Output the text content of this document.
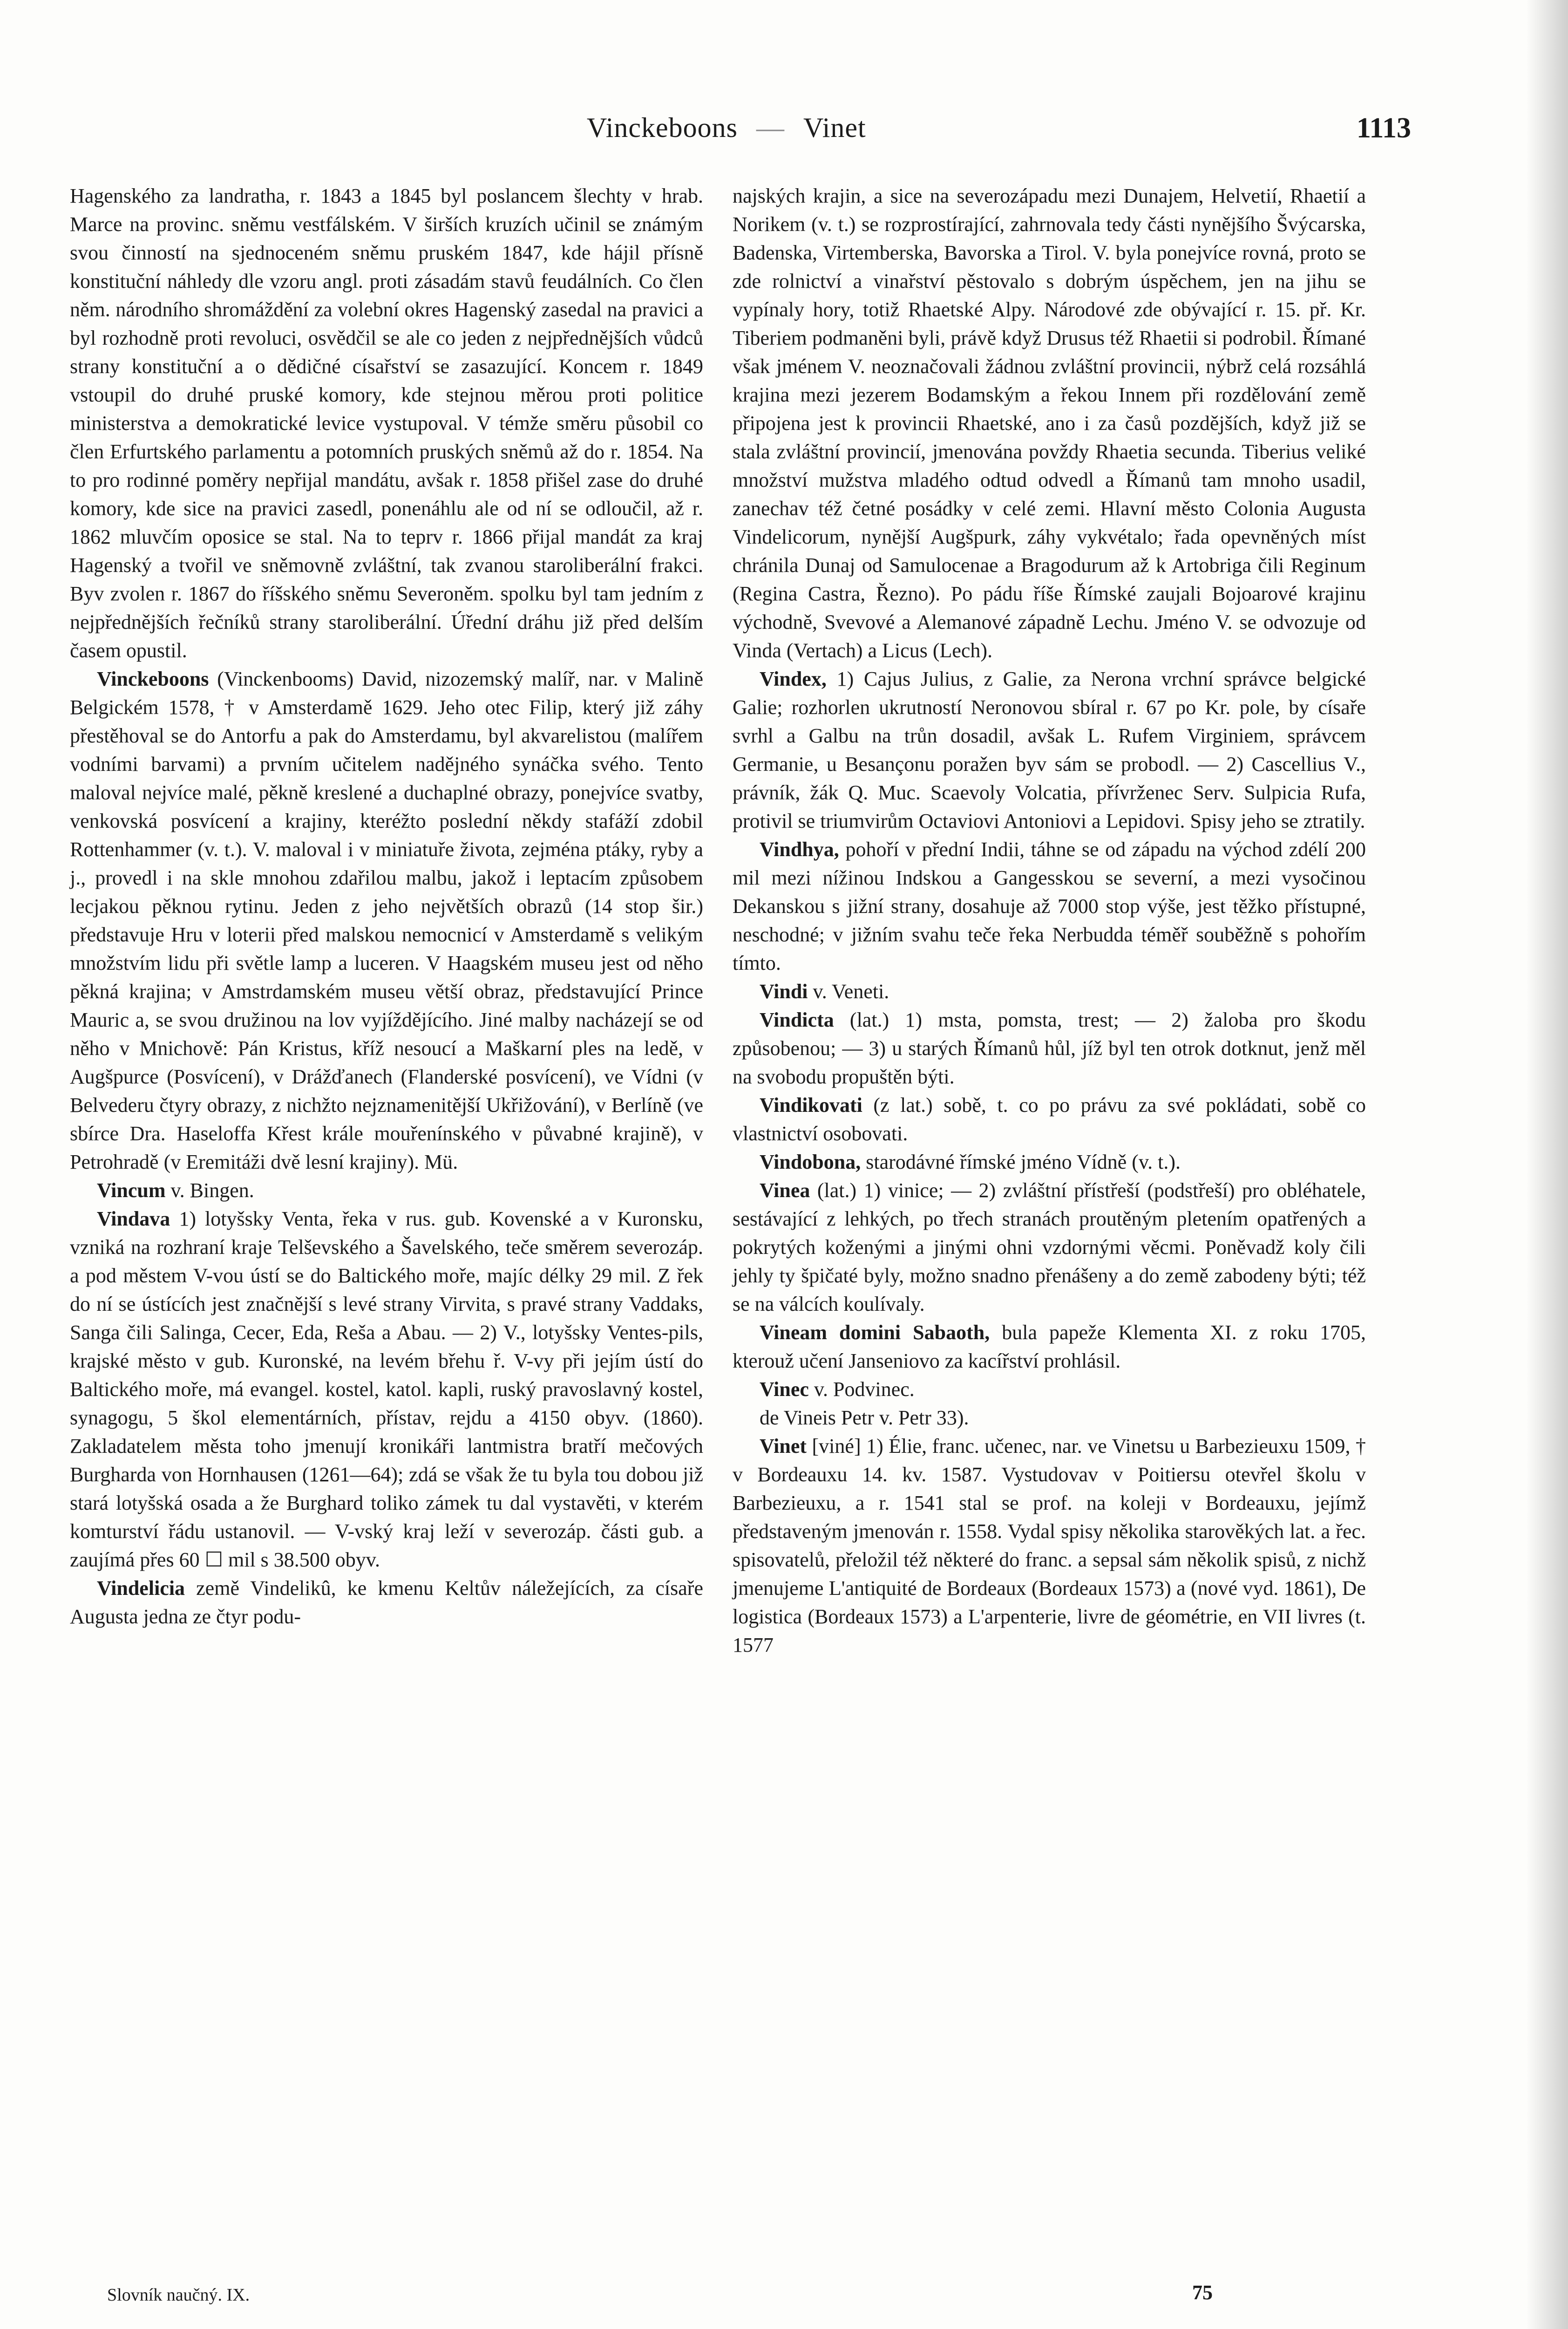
Vinckeboons — Vinet	1113

Hagenského za landratha, r. 1843 a 1845 byl poslancem šlechty v hrab. Marce na provinc. sněmu vestfálském. V širších kruzích učinil se známým svou činností na sjednoceném sněmu pruském 1847, kde hájil přísně konstituční náhledy dle vzoru angl. proti zásadám stavů feudálních. Co člen něm. národního shromáždění za volební okres Hagenský zasedal na pravici a byl rozhodně proti revoluci, osvědčil se ale co jeden z nejpřednějších vůdců strany konstituční a o dědičné císařství se zasazující. Koncem r. 1849 vstoupil do druhé pruské komory, kde stejnou měrou proti politice ministerstva a demokratické levice vystupoval. V témže směru působil co člen Erfurtského parlamentu a potomních pruských sněmů až do r. 1854. Na to pro rodinné poměry nepřijal mandátu, avšak r. 1858 přišel zase do druhé komory, kde sice na pravici zasedl, ponenáhlu ale od ní se odloučil, až r. 1862 mluvčím oposice se stal. Na to teprv r. 1866 přijal mandát za kraj Hagenský a tvořil ve sněmovně zvláštní, tak zvanou staroliberální frakci. Byv zvolen r. 1867 do říšského sněmu Severoněm. spolku byl tam jedním z nejpřednějších řečníků strany staroliberální. Úřední dráhu již před delším časem opustil.

Vinckeboons (Vinckenbooms) David, nizozemský malíř, nar. v Malině Belgickém 1578, † v Amsterdamě 1629. Jeho otec Filip, který již záhy přestěhoval se do Antorfu a pak do Amsterdamu, byl akvarelistou (malířem vodními barvami) a prvním učitelem nadějného synáčka svého. Tento maloval nejvíce malé, pěkně kreslené a duchaplné obrazy, ponejvíce svatby, venkovská posvícení a krajiny, kteréžto poslední někdy stafáží zdobil Rottenhammer (v. t.). V. maloval i v miniatuře života, zejména ptáky, ryby a j., provedl i na skle mnohou zdařilou malbu, jakož i leptacím způsobem lecjakou pěknou rytinu. Jeden z jeho největších obrazů (14 stop šir.) představuje Hru v loterii před malskou nemocnicí v Amsterdamě s velikým množstvím lidu při světle lamp a luceren. V Haagském museu jest od něho pěkná krajina; v Amstrdamském museu větší obraz, představující Prince Mauric a, se svou družinou na lov vyjíždějícího. Jiné malby nacházejí se od něho v Mnichově: Pán Kristus, kříž nesoucí a Maškarní ples na ledě, v Augšpurce (Posvícení), v Drážďanech (Flanderské posvícení), ve Vídni (v Belvederu čtyry obrazy, z nichžto nejznamenitější Ukřižování), v Berlíně (ve sbírce Dra. Haseloffa Křest krále mouřenínského v půvabné krajině), v Petrohradě (v Eremitáži dvě lesní krajiny). Mü.

Vincum v. Bingen.

Vindava 1) lotyšsky Venta, řeka v rus. gub. Kovenské a v Kuronsku, vzniká na rozhraní kraje Telševského a Šavelského, teče směrem severozáp. a pod městem V-vou ústí se do Baltického moře, majíc délky 29 mil. Z řek do ní se ústících jest značnější s levé strany Virvita, s pravé strany Vaddaks, Sanga čili Salinga, Cecer, Eda, Reša a Abau. — 2) V., lotyšsky Ventes-pils, krajské město v gub. Kuronské, na levém břehu ř. V-vy při jejím ústí do Baltického moře, má evangel. kostel, katol. kapli, ruský pravoslavný kostel, synagogu, 5 škol elementárních, přístav, rejdu a 4150 obyv. (1860). Zakladatelem města toho jmenují kronikáři lantmistra bratří mečových Burgharda von Hornhausen (1261—64); zdá se však že tu byla tou dobou již stará lotyšská osada a že Burghard toliko zámek tu dal vystavěti, v kterém komturství řádu ustanovil. — V-vský kraj leží v severozáp. části gub. a zaujímá přes 60 ☐ mil s 38.500 obyv.

Vindelicia země Vindelikû, ke kmenu Keltův náležejících, za císaře Augusta jedna ze čtyr podu-

najských krajin, a sice na severozápadu mezi Dunajem, Helvetií, Rhaetií a Norikem (v. t.) se rozprostírající, zahrnovala tedy části nynějšího Švýcarska, Badenska, Virtemberska, Bavorska a Tirol. V. byla ponejvíce rovná, proto se zde rolnictví a vinařství pěstovalo s dobrým úspěchem, jen na jihu se vypínaly hory, totiž Rhaetské Alpy. Národové zde obývající r. 15. př. Kr. Tiberiem podmaněni byli, právě když Drusus též Rhaetii si podrobil. Římané však jménem V. neoznačovali žádnou zvláštní provincii, nýbrž celá rozsáhlá krajina mezi jezerem Bodamským a řekou Innem při rozdělování země připojena jest k provincii Rhaetské, ano i za časů pozdějších, když již se stala zvláštní provincií, jmenována povždy Rhaetia secunda. Tiberius veliké množství mužstva mladého odtud odvedl a Římanů tam mnoho usadil, zanechav též četné posádky v celé zemi. Hlavní město Colonia Augusta Vindelicorum, nynější Augšpurk, záhy vykvétalo; řada opevněných míst chránila Dunaj od Samulocenae a Bragodurum až k Artobriga čili Reginum (Regina Castra, Řezno). Po pádu říše Římské zaujali Bojoarové krajinu východně, Svevové a Alemanové západně Lechu. Jméno V. se odvozuje od Vinda (Vertach) a Licus (Lech).

Vindex, 1) Cajus Julius, z Galie, za Nerona vrchní správce belgické Galie; rozhorlen ukrutností Neronovou sbíral r. 67 po Kr. pole, by císaře svrhl a Galbu na trůn dosadil, avšak L. Rufem Virginiem, správcem Germanie, u Besançonu poražen byv sám se probodl. — 2) Cascellius V., právník, žák Q. Muc. Scaevoly Volcatia, přívrženec Serv. Sulpicia Rufa, protivil se triumvirům Octaviovi Antoniovi a Lepidovi. Spisy jeho se ztratily.

Vindhya, pohoří v přední Indii, táhne se od západu na východ zdélí 200 mil mezi nížinou Indskou a Gangesskou se severní, a mezi vysočinou Dekanskou s jižní strany, dosahuje až 7000 stop výše, jest těžko přístupné, neschodné; v jižním svahu teče řeka Nerbudda téměř souběžně s pohořím tímto.

Vindi v. Veneti.

Vindicta (lat.) 1) msta, pomsta, trest; — 2) žaloba pro škodu způsobenou; — 3) u starých Římanů hůl, jíž byl ten otrok dotknut, jenž měl na svobodu propuštěn býti.

Vindikovati (z lat.) sobě, t. co po právu za své pokládati, sobě co vlastnictví osobovati.

Vindobona, starodávné římské jméno Vídně (v. t.).

Vinea (lat.) 1) vinice; — 2) zvláštní přístřeší (podstřeší) pro obléhatele, sestávající z lehkých, po třech stranách proutěným pletením opatřených a pokrytých koženými a jinými ohni vzdornými věcmi. Poněvadž koly čili jehly ty špičaté byly, možno snadno přenášeny a do země zabodeny býti; též se na válcích koulívaly.

Vineam domini Sabaoth, bula papeže Klementa XI. z roku 1705, kterouž učení Janseniovo za kacířství prohlásil.

Vinec v. Podvinec.

de Vineis Petr v. Petr 33).

Vinet [viné] 1) Élie, franc. učenec, nar. ve Vinetsu u Barbezieuxu 1509, † v Bordeauxu 14. kv. 1587. Vystudovav v Poitiersu otevřel školu v Barbezieuxu, a r. 1541 stal se prof. na koleji v Bordeauxu, jejímž představeným jmenován r. 1558. Vydal spisy několika starověkých lat. a řec. spisovatelů, přeložil též některé do franc. a sepsal sám několik spisů, z nichž jmenujeme L'antiquité de Bordeaux (Bordeaux 1573) a (nové vyd. 1861), De logistica (Bordeaux 1573) a L'arpenterie, livre de géométrie, en VII livres (t. 1577

Slovník naučný. IX.	75
